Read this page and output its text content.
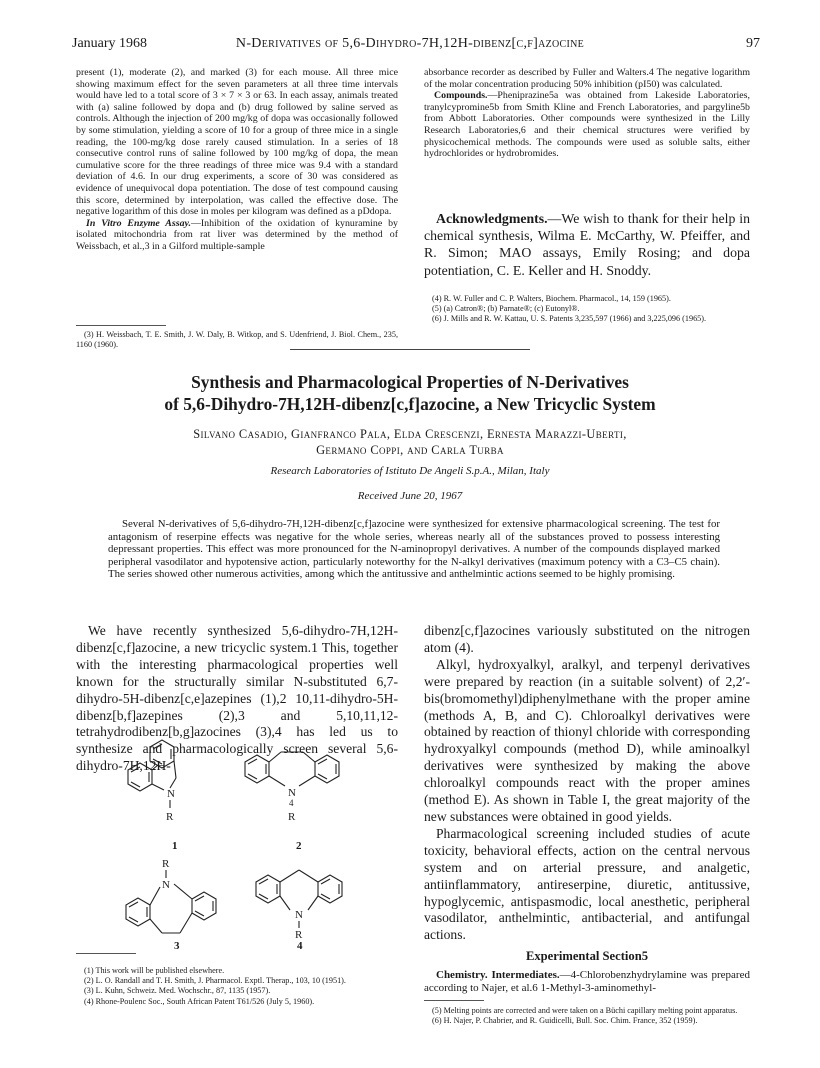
January 1968	N-Derivatives of 5,6-Dihydro-7H,12H-dibenz[c,f]azocine	97

present (1), moderate (2), and marked (3) for each mouse. All three mice showing maximum effect for the seven parameters at all three time intervals would have led to a total score of 3 × 7 × 3 or 63. In each assay, animals treated with (a) saline followed by dopa and (b) drug followed by saline served as controls. Although the injection of 200 mg/kg of dopa was occasionally followed by some stimulation, yielding a score of 10 for a group of three mice in a single reading, the 100-mg/kg dose rarely caused stimulation. In a series of 18 consecutive control runs of saline followed by 100 mg/kg of dopa, the mean cumulative score for the three readings of three mice was 9.4 with a standard deviation of 4.6. In our drug experiments, a score of 30 was considered as evidence of unequivocal dopa potentiation. The dose of test compound causing this score, determined by interpolation, was called the effective dose. The negative logarithm of this dose in moles per kilogram was defined as a pDdopa.

In Vitro Enzyme Assay.—Inhibition of the oxidation of kynuramine by isolated mitochondria from rat liver was determined by the method of Weissbach, et al.,3 in a Gilford multiple-sample

(3) H. Weissbach, T. E. Smith, J. W. Daly, B. Witkop, and S. Udenfriend, J. Biol. Chem., 235, 1160 (1960).

absorbance recorder as described by Fuller and Walters.4 The negative logarithm of the molar concentration producing 50% inhibition (pI50) was calculated.

Compounds.—Pheniprazine5a was obtained from Lakeside Laboratories, tranylcypromine5b from Smith Kline and French Laboratories, and pargyline5b from Abbott Laboratories. Other compounds were synthesized in the Lilly Research Laboratories,6 and their chemical structures were verified by physicochemical methods. The compounds were used as soluble salts, either hydrochlorides or hydrobromides.

Acknowledgments.—We wish to thank for their help in chemical synthesis, Wilma E. McCarthy, W. Pfeiffer, and R. Simon; MAO assays, Emily Rosing; and dopa potentiation, C. E. Keller and H. Snoddy.

(4) R. W. Fuller and C. P. Walters, Biochem. Pharmacol., 14, 159 (1965).

(5) (a) Catron®; (b) Parnate®; (c) Eutonyl®.

(6) J. Mills and R. W. Kattau, U. S. Patents 3,235,597 (1966) and 3,225,096 (1965).

Synthesis and Pharmacological Properties of N-Derivatives
of 5,6-Dihydro-7H,12H-dibenz[c,f]azocine, a New Tricyclic System
Silvano Casadio, Gianfranco Pala, Elda Crescenzi, Ernesta Marazzi-Uberti,
Germano Coppi, and Carla Turba
Research Laboratories of Istituto De Angeli S.p.A., Milan, Italy
Received June 20, 1967

Several N-derivatives of 5,6-dihydro-7H,12H-dibenz[c,f]azocine were synthesized for extensive pharmacological screening. The test for antagonism of reserpine effects was negative for the whole series, whereas nearly all of the substances proved to possess interesting depressant properties. This effect was more pronounced for the N-aminopropyl derivatives. A number of the compounds displayed marked peripheral vasodilator and hypotensive action, particularly noteworthy for the N-alkyl derivatives (maximum potency with a C3–C5 chain). The series showed other numerous activities, among which the antitussive and anthelmintic actions seemed to be highly promising.

We have recently synthesized 5,6-dihydro-7H,12H-dibenz[c,f]azocine, a new tricyclic system.1 This, together with the interesting pharmacological properties well known for the structurally similar N-substituted 6,7-dihydro-5H-dibenz[c,e]azepines (1),2 10,11-dihydro-5H-dibenz[b,f]azepines (2),3 and 5,10,11,12-tetrahydrodibenz[b,g]azocines (3),4 has led us to synthesize and pharmacologically screen several 5,6-dihydro-7H,12H-

N
R
1
N
4
R
2
R
N
3
N
R
4

(1) This work will be published elsewhere.

(2) L. O. Randall and T. H. Smith, J. Pharmacol. Exptl. Therap., 103, 10 (1951).

(3) L. Kuhn, Schweiz. Med. Wochschr., 87, 1135 (1957).

(4) Rhone-Poulenc Soc., South African Patent T61/526 (July 5, 1960).

dibenz[c,f]azocines variously substituted on the nitrogen atom (4).

Alkyl, hydroxyalkyl, aralkyl, and terpenyl derivatives were prepared by reaction (in a suitable solvent) of 2,2′-bis(bromomethyl)diphenylmethane with the proper amine (methods A, B, and C). Chloroalkyl derivatives were obtained by reaction of thionyl chloride with corresponding hydroxyalkyl compounds (method D), while aminoalkyl derivatives were synthesized by making the above chloroalkyl compounds react with the proper amines (method E). As shown in Table I, the great majority of the new substances were obtained in good yields.

Pharmacological screening included studies of acute toxicity, behavioral effects, action on the central nervous system and on arterial pressure, and analgetic, antiinflammatory, antireserpine, diuretic, antitussive, hypoglycemic, antispasmodic, local anesthetic, peripheral vasodilator, anthelmintic, antibacterial, and antifungal actions.

Experimental Section5

Chemistry. Intermediates.—4-Chlorobenzhydrylamine was prepared according to Najer, et al.6 1-Methyl-3-aminomethyl-

(5) Melting points are corrected and were taken on a Büchi capillary melting point apparatus.

(6) H. Najer, P. Chabrier, and R. Guidicelli, Bull. Soc. Chim. France, 352 (1959).
